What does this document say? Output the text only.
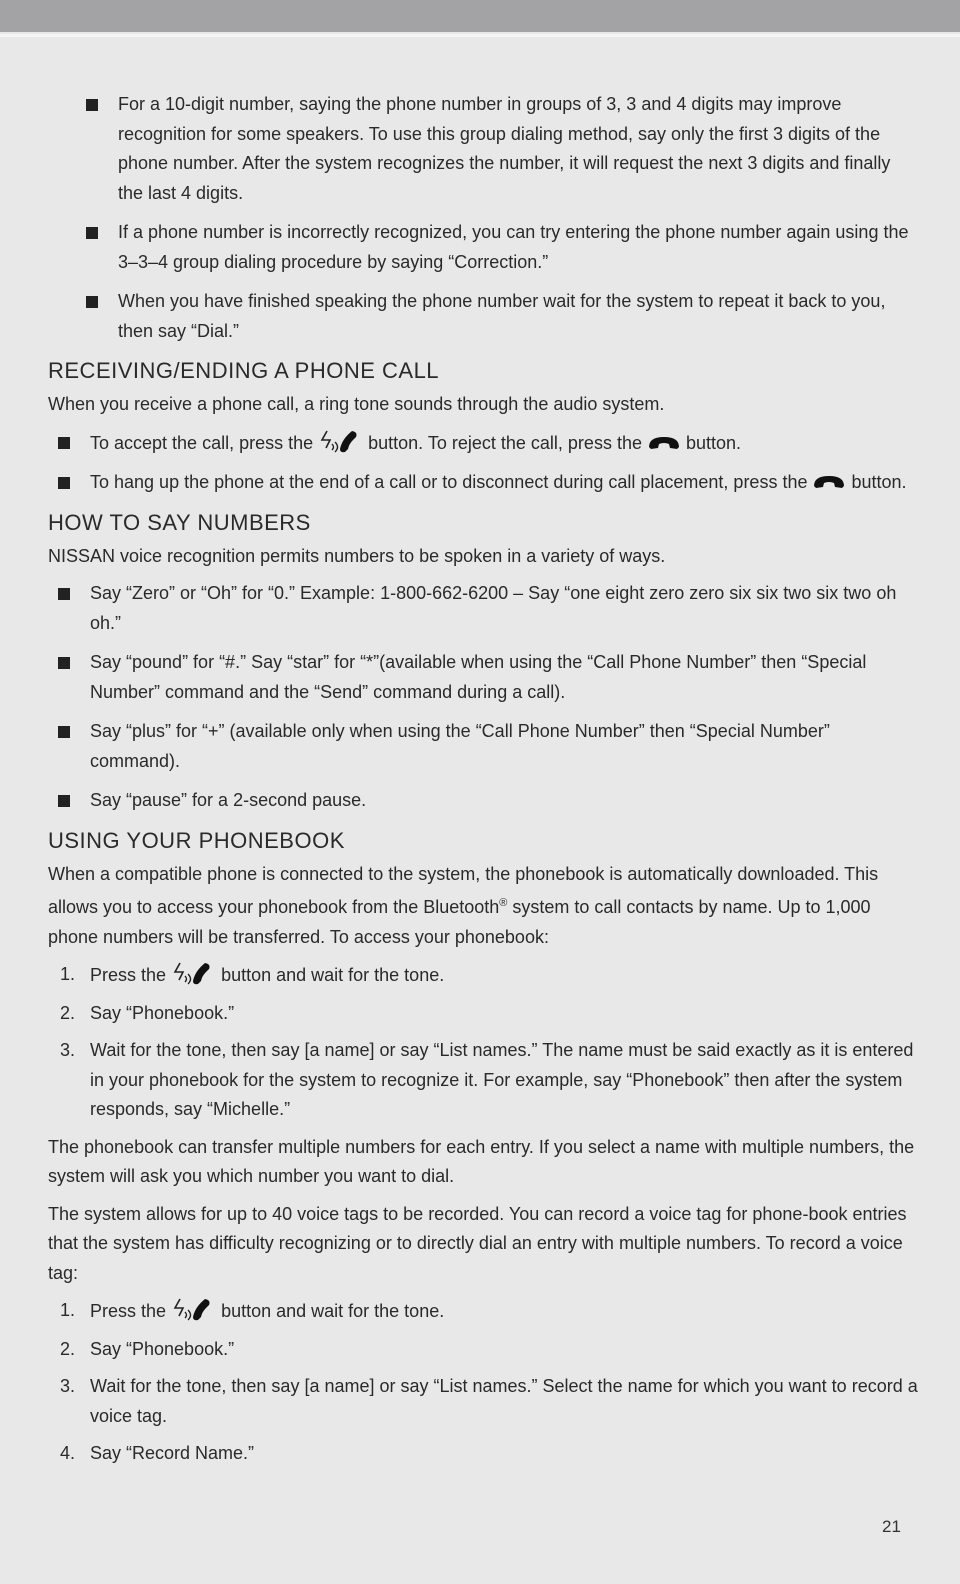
For a 10-digit number, saying the phone number in groups of 3, 3 and 4 digits may improve recognition for some speakers. To use this group dialing method, say only the first 3 digits of the phone number. After the system recognizes the number, it will request the next 3 digits and finally the last 4 digits.
If a phone number is incorrectly recognized, you can try entering the phone number again using the 3–3–4 group dialing procedure by saying “Correction.”
When you have finished speaking the phone number wait for the system to repeat it back to you, then say “Dial.”
RECEIVING/ENDING A PHONE CALL

When you receive a phone call, a ring tone sounds through the audio system.

To accept the call, press the	button. To reject the call, press the button.
To hang up the phone at the end of a call or to disconnect during call placement, press the button.
HOW TO SAY NUMBERS

NISSAN voice recognition permits numbers to be spoken in a variety of ways.

Say “Zero” or “Oh” for “0.” Example: 1-800-662-6200 – Say “one eight zero zero six six two six two oh oh.”
Say “pound” for “#.” Say “star” for “*”(available when using the “Call Phone Number” then “Special Number” command and the “Send” command during a call).
Say “plus” for “+” (available only when using the “Call Phone Number” then “Special Number” command).
Say “pause” for a 2-second pause.
USING YOUR PHONEBOOK

When a compatible phone is connected to the system, the phonebook is automatically downloaded. This allows you to access your phonebook from the Bluetooth® system to call contacts by name. Up to 1,000 phone numbers will be transferred. To access your phonebook:

1. Press the	button and wait for the tone.
2. Say “Phonebook.”
3. Wait for the tone, then say [a name] or say “List names.” The name must be said exactly as it is entered in your phonebook for the system to recognize it. For example, say “Phonebook” then after the system responds, say “Michelle.”

The phonebook can transfer multiple numbers for each entry. If you select a name with multiple numbers, the system will ask you which number you want to dial.

The system allows for up to 40 voice tags to be recorded. You can record a voice tag for phone-book entries that the system has difficulty recognizing or to directly dial an entry with multiple numbers. To record a voice tag:

1. Press the	button and wait for the tone.
2. Say “Phonebook.”
3. Wait for the tone, then say [a name] or say “List names.” Select the name for which you want to record a voice tag.
4. Say “Record Name.”
21
